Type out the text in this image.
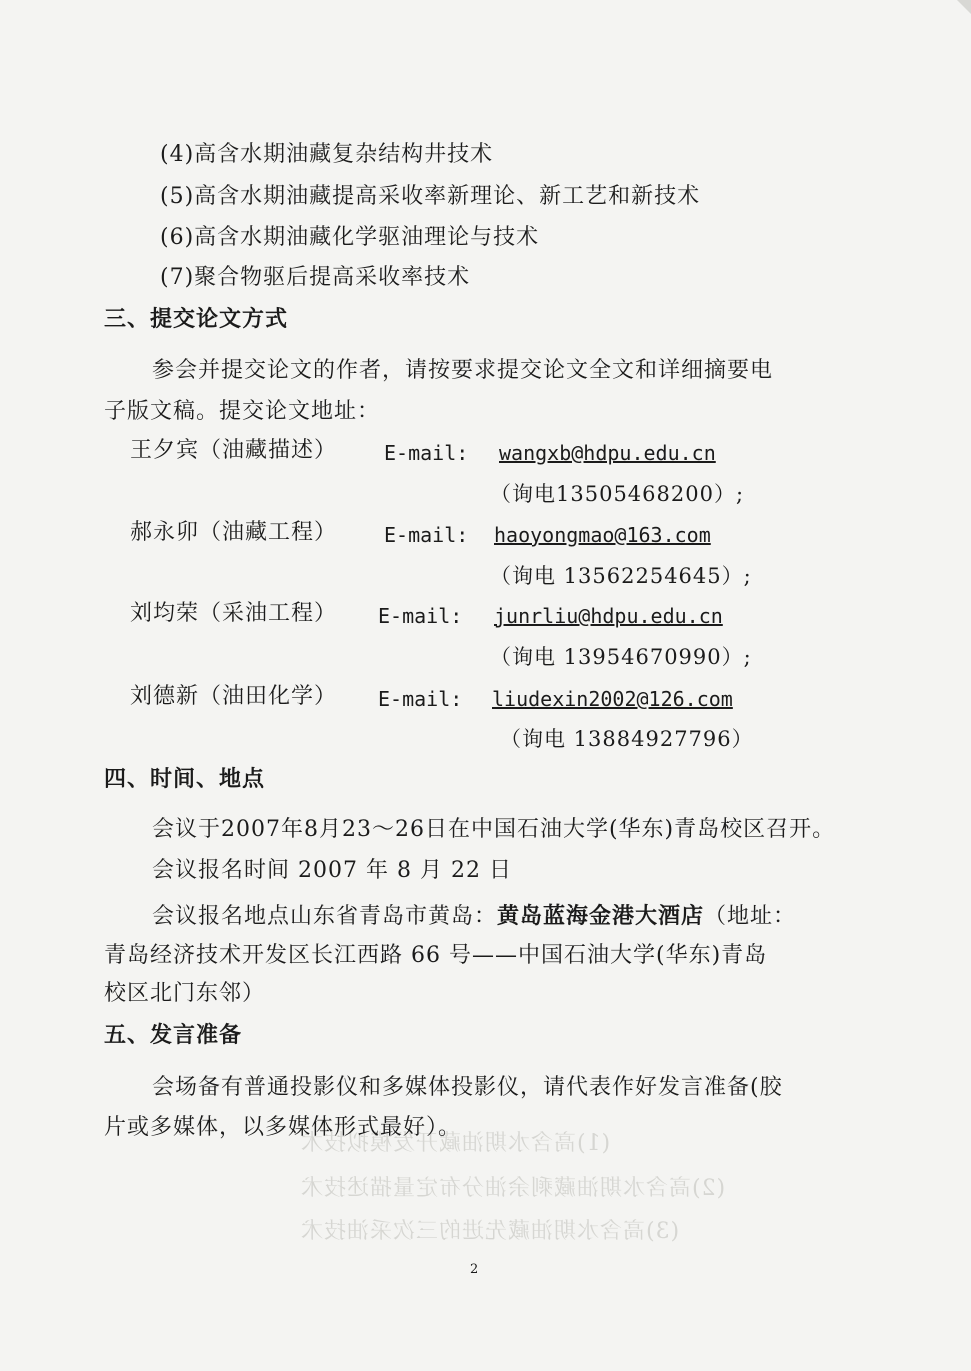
(1)高含水期油藏开发模拟技术
(2)高含水期油藏剩余油分布定量描述技术
(3)高含水期油藏先进的三次采油技术
(4)高含水期油藏复杂结构井技术
(5)高含水期油藏提高采收率新理论、新工艺和新技术
(6)高含水期油藏化学驱油理论与技术
(7)聚合物驱后提高采收率技术
三、提交论文方式
参会并提交论文的作者，请按要求提交论文全文和详细摘要电
子版文稿。提交论文地址：
王夕宾（油藏描述） E-mail: wangxb@hdpu.edu.cn
（询电13505468200）;
郝永卯（油藏工程） E-mail: haoyongmao@163.com
（询电 13562254645）;
刘均荣（采油工程） E-mail: junrliu@hdpu.edu.cn
（询电 13954670990）;
刘德新（油田化学） E-mail: liudexin2002@126.com
（询电 13884927796）
四、时间、地点
会议于2007年8月23～26日在中国石油大学(华东)青岛校区召开。
会议报名时间 2007 年 8 月 22 日
会议报名地点山东省青岛市黄岛：黄岛蓝海金港大酒店（地址：
青岛经济技术开发区长江西路 66 号——中国石油大学(华东)青岛
校区北门东邻）
五、发言准备
会场备有普通投影仪和多媒体投影仪，请代表作好发言准备(胶
片或多媒体，以多媒体形式最好）。
2
